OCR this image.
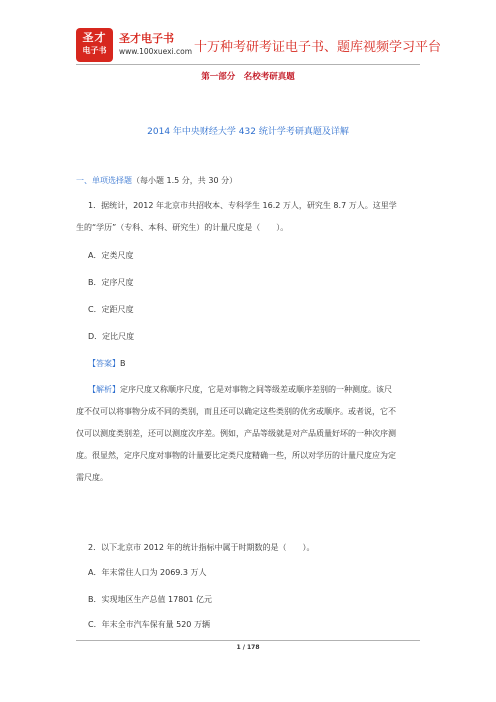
圣才
电子书
圣才电子书
www.100xuexi.com 十万种考研考证电子书、题库视频学习平台
第一部分　名校考研真题
2014 年中央财经大学 432 统计学考研真题及详解
一、单项选择题（每小题 1.5 分，共 30 分）
1．据统计，2012 年北京市共招收本、专科学生 16.2 万人，研究生 8.7 万人。这里学
生的“学历”（专科、本科、研究生）的计量尺度是（　　）。
A．定类尺度
B．定序尺度
C．定距尺度
D．定比尺度
【答案】B
【解析】定序尺度又称顺序尺度，它是对事物之间等级差或顺序差别的一种测度。该尺
度不仅可以将事物分成不同的类别，而且还可以确定这些类别的优劣或顺序。或者说，它不
仅可以测度类别差，还可以测度次序差。例如，产品等级就是对产品质量好坏的一种次序测
度。很显然，定序尺度对事物的计量要比定类尺度精确一些，所以对学历的计量尺度应为定
需尺度。
2．以下北京市 2012 年的统计指标中属于时期数的是（　　）。
A．年末常住人口为 2069.3 万人
B．实现地区生产总值 17801 亿元
C．年末全市汽车保有量 520 万辆
1 / 178
